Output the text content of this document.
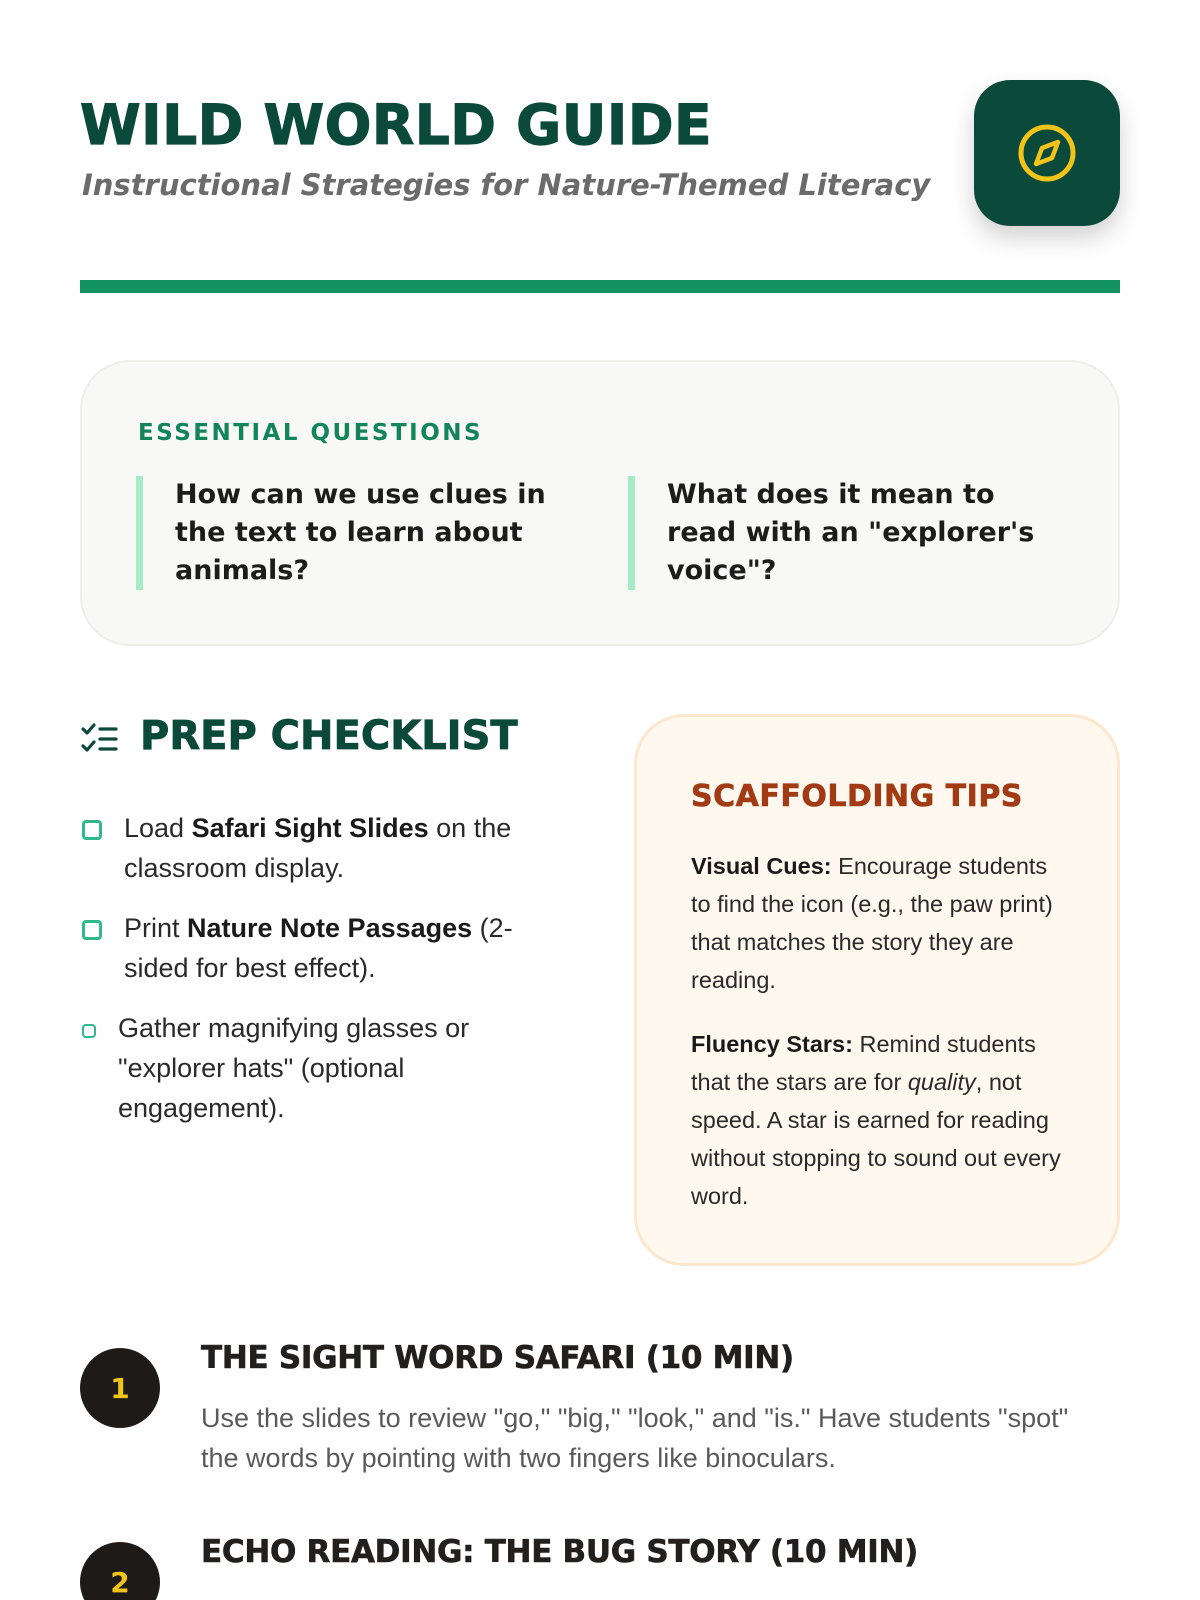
WILD WORLD GUIDE

Instructional Strategies for Nature-Themed Literacy

ESSENTIAL QUESTIONS

How can we use clues in the text to learn about animals?
What does it mean to read with an "explorer's voice"?
PREP CHECKLIST
Load Safari Sight Slides on the classroom display.
Print Nature Note Passages (2-sided for best effect).
Gather magnifying glasses or "explorer hats" (optional engagement).
SCAFFOLDING TIPS

Visual Cues: Encourage students to find the icon (e.g., the paw print) that matches the story they are reading.

Fluency Stars: Remind students that the stars are for quality, not speed. A star is earned for reading without stopping to sound out every word.

1
THE SIGHT WORD SAFARI (10 MIN)

Use the slides to review "go," "big," "look," and "is." Have students "spot" the words by pointing with two fingers like binoculars.

2
ECHO READING: THE BUG STORY (10 MIN)
